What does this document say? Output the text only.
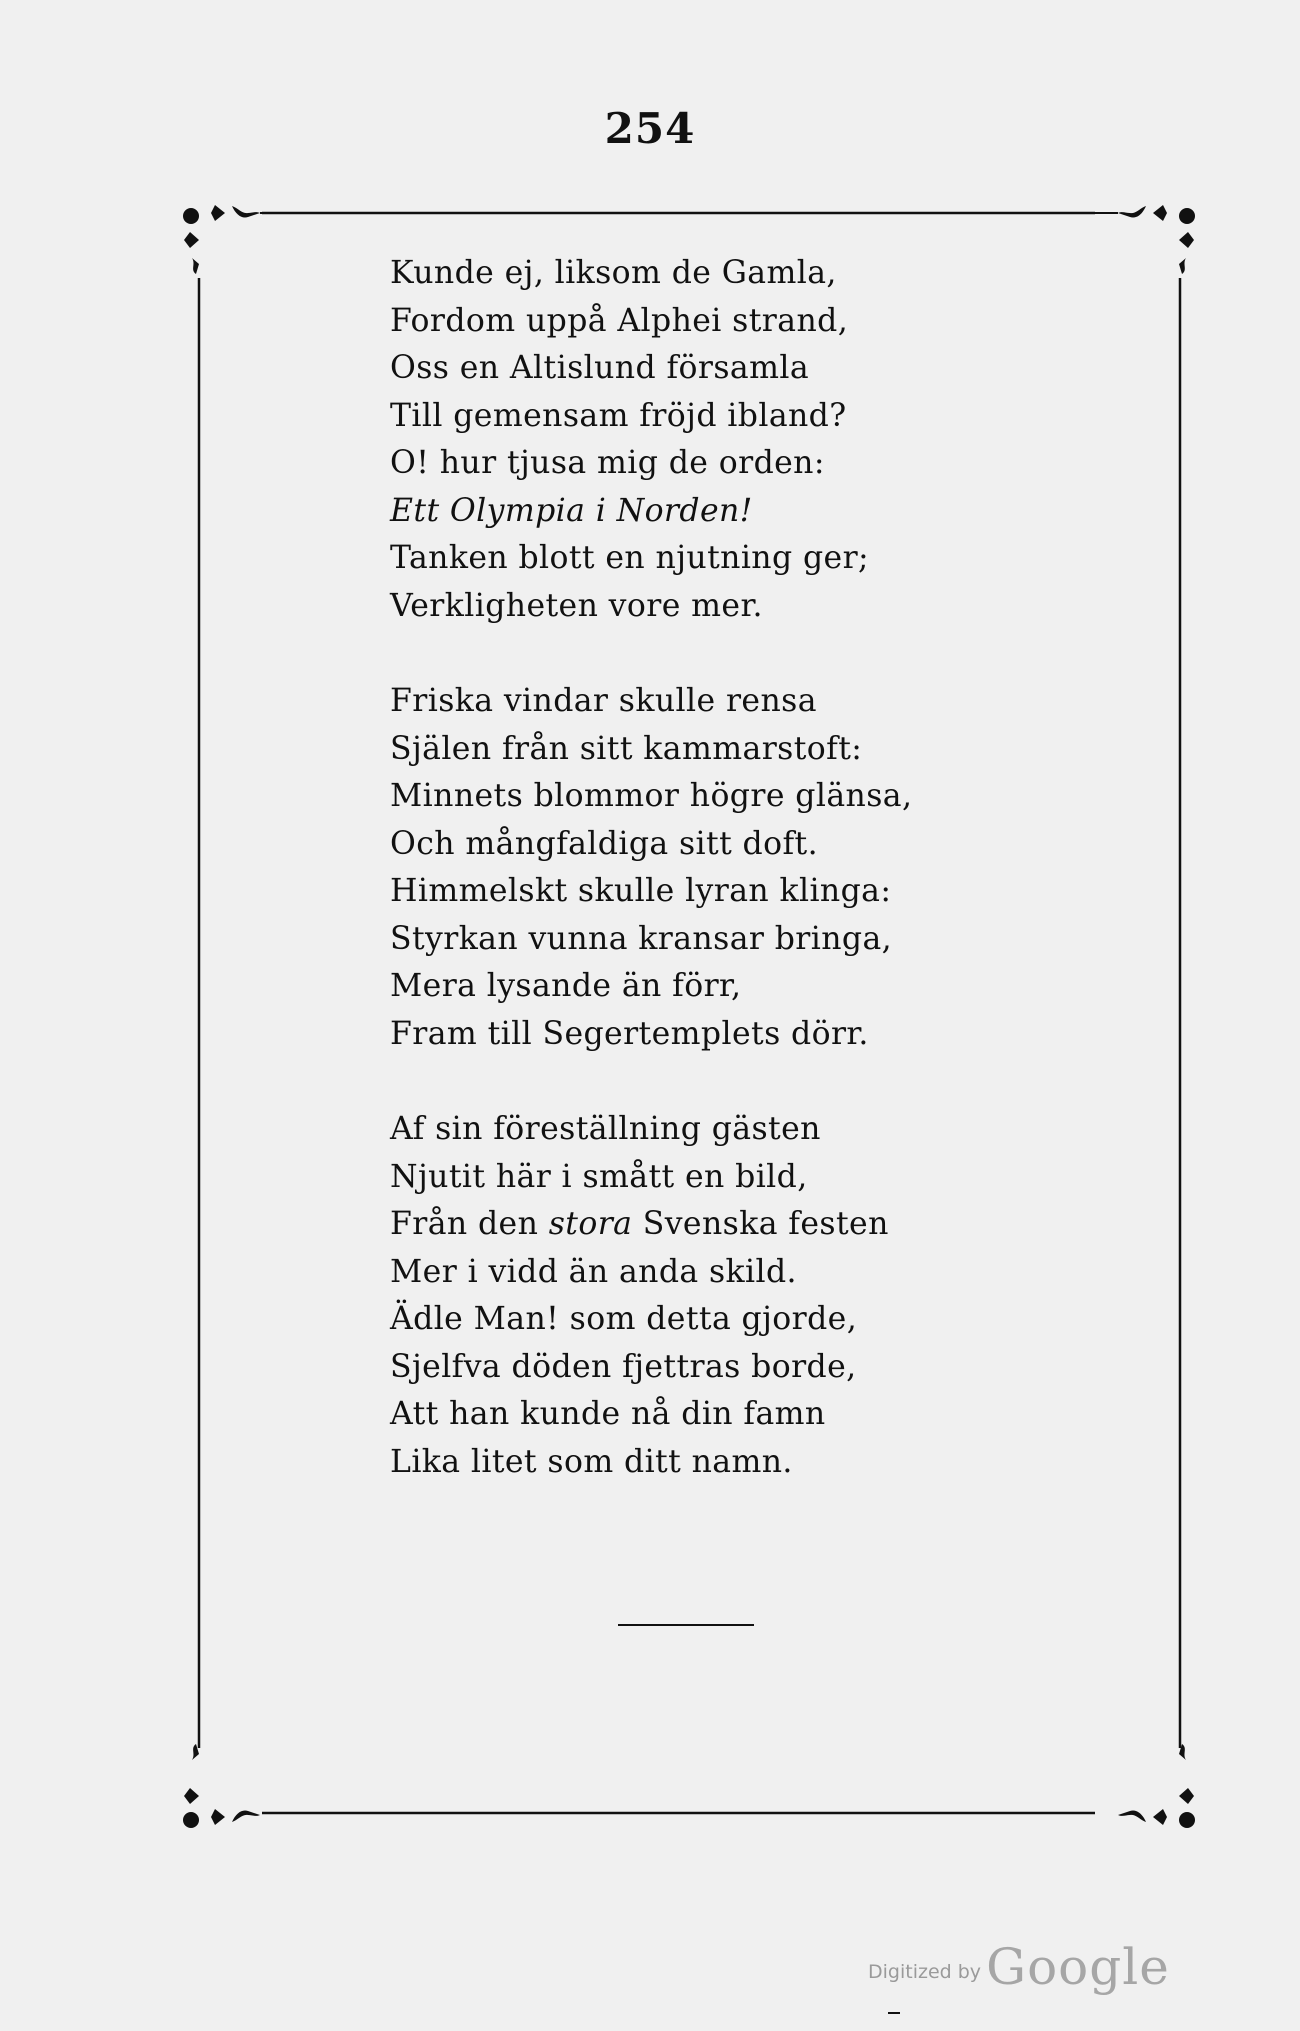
254
Kunde ej, liksom de Gamla,
Fordom uppå Alphei strand,
Oss en Altislund församla
Till gemensam fröjd ibland?
O! hur tjusa mig de orden:
Ett Olympia i Norden!
Tanken blott en njutning ger;
Verkligheten vore mer.
Friska vindar skulle rensa
Själen från sitt kammarstoft:
Minnets blommor högre glänsa,
Och mångfaldiga sitt doft.
Himmelskt skulle lyran klinga:
Styrkan vunna kransar bringa,
Mera lysande än förr,
Fram till Segertemplets dörr.
Af sin föreställning gästen
Njutit här i smått en bild,
Från den stora Svenska festen
Mer i vidd än anda skild.
Ädle Man! som detta gjorde,
Sjelfva döden fjettras borde,
Att han kunde nå din famn
Lika litet som ditt namn.
Digitized by Google
